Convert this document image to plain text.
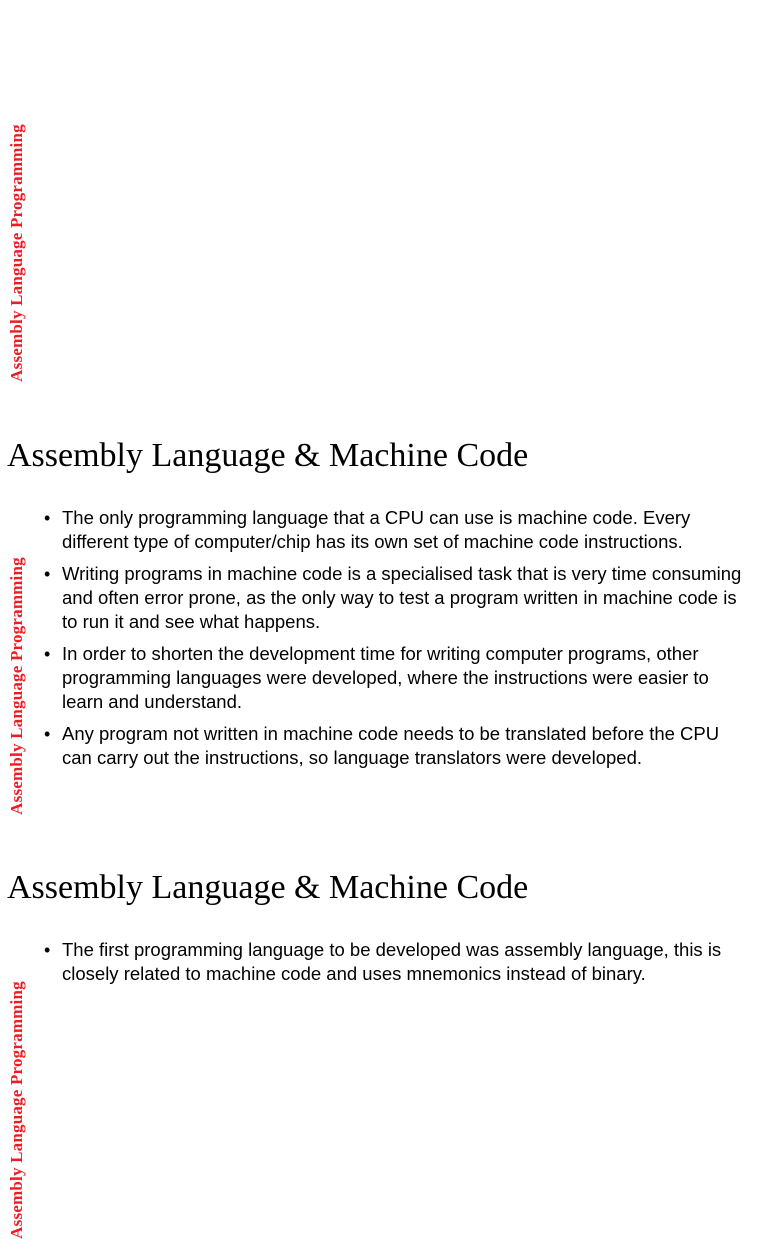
Assembly Language Programming
Assembly Language & Machine Code
Assembly Language Programming
• The only programming language that a CPU can use is machine code. Every different type of computer/chip has its own set of machine code instructions.
• Writing programs in machine code is a specialised task that is very time consuming and often error prone, as the only way to test a program written in machine code is to run it and see what happens.
• In order to shorten the development time for writing computer programs, other programming languages were developed, where the instructions were easier to learn and understand.
• Any program not written in machine code needs to be translated before the CPU can carry out the instructions, so language translators were developed.
Assembly Language & Machine Code
Assembly Language Programming
• The first programming language to be developed was assembly language, this is closely related to machine code and uses mnemonics instead of binary.
